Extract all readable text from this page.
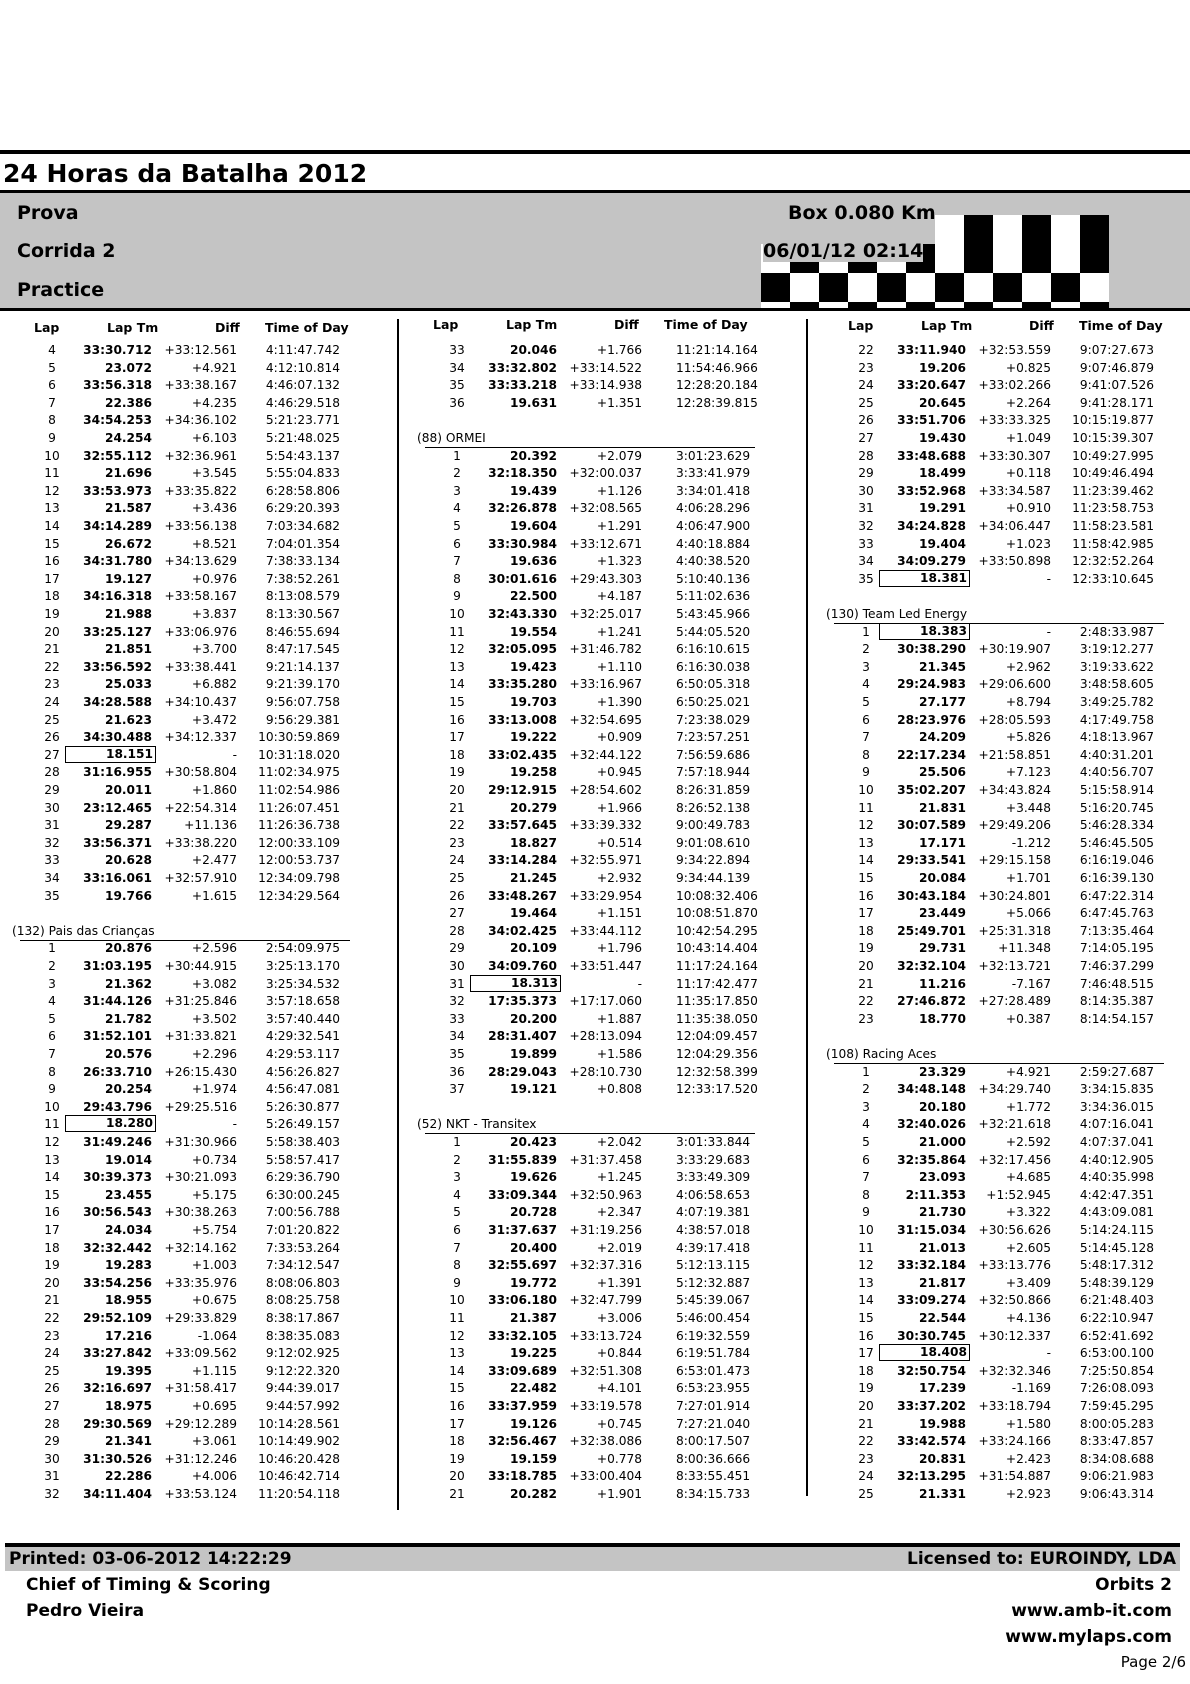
24 Horas da Batalha 2012
Prova
Corrida 2
Practice
Box 0.080 Km
06/01/12 02:14
Lap	Lap Tm	Diff Time of Day
4	33:30.712	+33:12.561	4:11:47.742
5	23.072	+4.921	4:12:10.814
6	33:56.318	+33:38.167	4:46:07.132
7	22.386	+4.235	4:46:29.518
8	34:54.253	+34:36.102	5:21:23.771
9	24.254	+6.103	5:21:48.025
10	32:55.112	+32:36.961	5:54:43.137
11	21.696	+3.545	5:55:04.833
12	33:53.973	+33:35.822	6:28:58.806
13	21.587	+3.436	6:29:20.393
14	34:14.289	+33:56.138	7:03:34.682
15	26.672	+8.521	7:04:01.354
16	34:31.780	+34:13.629	7:38:33.134
17	19.127	+0.976	7:38:52.261
18	34:16.318	+33:58.167	8:13:08.579
19	21.988	+3.837	8:13:30.567
20	33:25.127	+33:06.976	8:46:55.694
21	21.851	+3.700	8:47:17.545
22	33:56.592	+33:38.441	9:21:14.137
23	25.033	+6.882	9:21:39.170
24	34:28.588	+34:10.437	9:56:07.758
25	21.623	+3.472	9:56:29.381
26	34:30.488	+34:12.337	10:30:59.869
27	18.151	-	10:31:18.020
28	31:16.955	+30:58.804	11:02:34.975
29	20.011	+1.860	11:02:54.986
30	23:12.465	+22:54.314	11:26:07.451
31	29.287	+11.136	11:26:36.738
32	33:56.371	+33:38.220	12:00:33.109
33	20.628	+2.477	12:00:53.737
34	33:16.061	+32:57.910	12:34:09.798
35	19.766	+1.615	12:34:29.564
(132) Pais das Crianças
1	20.876	+2.596	2:54:09.975
2	31:03.195	+30:44.915	3:25:13.170
3	21.362	+3.082	3:25:34.532
4	31:44.126	+31:25.846	3:57:18.658
5	21.782	+3.502	3:57:40.440
6	31:52.101	+31:33.821	4:29:32.541
7	20.576	+2.296	4:29:53.117
8	26:33.710	+26:15.430	4:56:26.827
9	20.254	+1.974	4:56:47.081
10	29:43.796	+29:25.516	5:26:30.877
11	18.280	-	5:26:49.157
12	31:49.246	+31:30.966	5:58:38.403
13	19.014	+0.734	5:58:57.417
14	30:39.373	+30:21.093	6:29:36.790
15	23.455	+5.175	6:30:00.245
16	30:56.543	+30:38.263	7:00:56.788
17	24.034	+5.754	7:01:20.822
18	32:32.442	+32:14.162	7:33:53.264
19	19.283	+1.003	7:34:12.547
20	33:54.256	+33:35.976	8:08:06.803
21	18.955	+0.675	8:08:25.758
22	29:52.109	+29:33.829	8:38:17.867
23	17.216	-1.064	8:38:35.083
24	33:27.842	+33:09.562	9:12:02.925
25	19.395	+1.115	9:12:22.320
26	32:16.697	+31:58.417	9:44:39.017
27	18.975	+0.695	9:44:57.992
28	29:30.569	+29:12.289	10:14:28.561
29	21.341	+3.061	10:14:49.902
30	31:30.526	+31:12.246	10:46:20.428
31	22.286	+4.006	10:46:42.714
32	34:11.404	+33:53.124	11:20:54.118
Lap	Lap Tm	Diff Time of Day
33	20.046	+1.766	11:21:14.164
34	33:32.802	+33:14.522	11:54:46.966
35	33:33.218	+33:14.938	12:28:20.184
36	19.631	+1.351	12:28:39.815
(88) ORMEI
1	20.392	+2.079	3:01:23.629
2	32:18.350	+32:00.037	3:33:41.979
3	19.439	+1.126	3:34:01.418
4	32:26.878	+32:08.565	4:06:28.296
5	19.604	+1.291	4:06:47.900
6	33:30.984	+33:12.671	4:40:18.884
7	19.636	+1.323	4:40:38.520
8	30:01.616	+29:43.303	5:10:40.136
9	22.500	+4.187	5:11:02.636
10	32:43.330	+32:25.017	5:43:45.966
11	19.554	+1.241	5:44:05.520
12	32:05.095	+31:46.782	6:16:10.615
13	19.423	+1.110	6:16:30.038
14	33:35.280	+33:16.967	6:50:05.318
15	19.703	+1.390	6:50:25.021
16	33:13.008	+32:54.695	7:23:38.029
17	19.222	+0.909	7:23:57.251
18	33:02.435	+32:44.122	7:56:59.686
19	19.258	+0.945	7:57:18.944
20	29:12.915	+28:54.602	8:26:31.859
21	20.279	+1.966	8:26:52.138
22	33:57.645	+33:39.332	9:00:49.783
23	18.827	+0.514	9:01:08.610
24	33:14.284	+32:55.971	9:34:22.894
25	21.245	+2.932	9:34:44.139
26	33:48.267	+33:29.954	10:08:32.406
27	19.464	+1.151	10:08:51.870
28	34:02.425	+33:44.112	10:42:54.295
29	20.109	+1.796	10:43:14.404
30	34:09.760	+33:51.447	11:17:24.164
31	18.313	-	11:17:42.477
32	17:35.373	+17:17.060	11:35:17.850
33	20.200	+1.887	11:35:38.050
34	28:31.407	+28:13.094	12:04:09.457
35	19.899	+1.586	12:04:29.356
36	28:29.043	+28:10.730	12:32:58.399
37	19.121	+0.808	12:33:17.520
(52) NKT - Transitex
1	20.423	+2.042	3:01:33.844
2	31:55.839	+31:37.458	3:33:29.683
3	19.626	+1.245	3:33:49.309
4	33:09.344	+32:50.963	4:06:58.653
5	20.728	+2.347	4:07:19.381
6	31:37.637	+31:19.256	4:38:57.018
7	20.400	+2.019	4:39:17.418
8	32:55.697	+32:37.316	5:12:13.115
9	19.772	+1.391	5:12:32.887
10	33:06.180	+32:47.799	5:45:39.067
11	21.387	+3.006	5:46:00.454
12	33:32.105	+33:13.724	6:19:32.559
13	19.225	+0.844	6:19:51.784
14	33:09.689	+32:51.308	6:53:01.473
15	22.482	+4.101	6:53:23.955
16	33:37.959	+33:19.578	7:27:01.914
17	19.126	+0.745	7:27:21.040
18	32:56.467	+32:38.086	8:00:17.507
19	19.159	+0.778	8:00:36.666
20	33:18.785	+33:00.404	8:33:55.451
21	20.282	+1.901	8:34:15.733
Lap	Lap Tm	Diff Time of Day
22	33:11.940	+32:53.559	9:07:27.673
23	19.206	+0.825	9:07:46.879
24	33:20.647	+33:02.266	9:41:07.526
25	20.645	+2.264	9:41:28.171
26	33:51.706	+33:33.325	10:15:19.877
27	19.430	+1.049	10:15:39.307
28	33:48.688	+33:30.307	10:49:27.995
29	18.499	+0.118	10:49:46.494
30	33:52.968	+33:34.587	11:23:39.462
31	19.291	+0.910	11:23:58.753
32	34:24.828	+34:06.447	11:58:23.581
33	19.404	+1.023	11:58:42.985
34	34:09.279	+33:50.898	12:32:52.264
35	18.381	-	12:33:10.645
(130) Team Led Energy
1	18.383	-	2:48:33.987
2	30:38.290	+30:19.907	3:19:12.277
3	21.345	+2.962	3:19:33.622
4	29:24.983	+29:06.600	3:48:58.605
5	27.177	+8.794	3:49:25.782
6	28:23.976	+28:05.593	4:17:49.758
7	24.209	+5.826	4:18:13.967
8	22:17.234	+21:58.851	4:40:31.201
9	25.506	+7.123	4:40:56.707
10	35:02.207	+34:43.824	5:15:58.914
11	21.831	+3.448	5:16:20.745
12	30:07.589	+29:49.206	5:46:28.334
13	17.171	-1.212	5:46:45.505
14	29:33.541	+29:15.158	6:16:19.046
15	20.084	+1.701	6:16:39.130
16	30:43.184	+30:24.801	6:47:22.314
17	23.449	+5.066	6:47:45.763
18	25:49.701	+25:31.318	7:13:35.464
19	29.731	+11.348	7:14:05.195
20	32:32.104	+32:13.721	7:46:37.299
21	11.216	-7.167	7:46:48.515
22	27:46.872	+27:28.489	8:14:35.387
23	18.770	+0.387	8:14:54.157
(108) Racing Aces
1	23.329	+4.921	2:59:27.687
2	34:48.148	+34:29.740	3:34:15.835
3	20.180	+1.772	3:34:36.015
4	32:40.026	+32:21.618	4:07:16.041
5	21.000	+2.592	4:07:37.041
6	32:35.864	+32:17.456	4:40:12.905
7	23.093	+4.685	4:40:35.998
8	2:11.353	+1:52.945	4:42:47.351
9	21.730	+3.322	4:43:09.081
10	31:15.034	+30:56.626	5:14:24.115
11	21.013	+2.605	5:14:45.128
12	33:32.184	+33:13.776	5:48:17.312
13	21.817	+3.409	5:48:39.129
14	33:09.274	+32:50.866	6:21:48.403
15	22.544	+4.136	6:22:10.947
16	30:30.745	+30:12.337	6:52:41.692
17	18.408	-	6:53:00.100
18	32:50.754	+32:32.346	7:25:50.854
19	17.239	-1.169	7:26:08.093
20	33:37.202	+33:18.794	7:59:45.295
21	19.988	+1.580	8:00:05.283
22	33:42.574	+33:24.166	8:33:47.857
23	20.831	+2.423	8:34:08.688
24	32:13.295	+31:54.887	9:06:21.983
25	21.331	+2.923	9:06:43.314
Printed: 03-06-2012 14:22:29	Licensed to: EUROINDY, LDA
Chief of Timing & Scoring
Pedro Vieira
Orbits 2
www.amb-it.com
www.mylaps.com
Page 2/6
